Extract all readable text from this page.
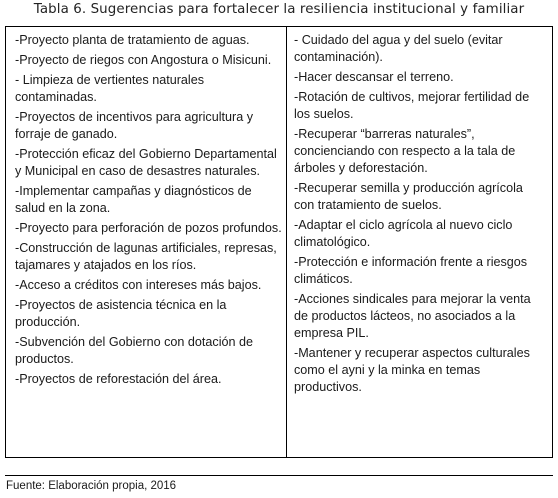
Tabla 6. Sugerencias para fortalecer la resiliencia institucional y familiar

-Proyecto planta de tratamiento de aguas.

-Proyecto de riegos con Angostura o Misicuni.

- Limpieza de vertientes naturales contaminadas.

-Proyectos de incentivos para agricultura y forraje de ganado.

-Protección eficaz del Gobierno Departamental y Municipal en caso de desastres naturales.

-Implementar campañas y diagnósticos de salud en la zona.

-Proyecto para perforación de pozos profundos.

-Construcción de lagunas artificiales, represas, tajamares y atajados en los ríos.

-Acceso a créditos con intereses más bajos.

-Proyectos de asistencia técnica en la producción.

-Subvención del Gobierno con dotación de productos.

-Proyectos de reforestación del área.

- Cuidado del agua y del suelo (evitar contaminación).

-Hacer descansar el terreno.

-Rotación de cultivos, mejorar fertilidad de los suelos.

-Recuperar “barreras naturales”, concienciando con respecto a la tala de árboles y deforestación.

-Recuperar semilla y producción agrícola con tratamiento de suelos.

-Adaptar el ciclo agrícola al nuevo ciclo climatológico.

-Protección e información frente a riesgos climáticos.

-Acciones sindicales para mejorar la venta de productos lácteos, no asociados a la empresa PIL.

-Mantener y recuperar aspectos culturales como el ayni y la minka en temas productivos.

Fuente: Elaboración propia, 2016
